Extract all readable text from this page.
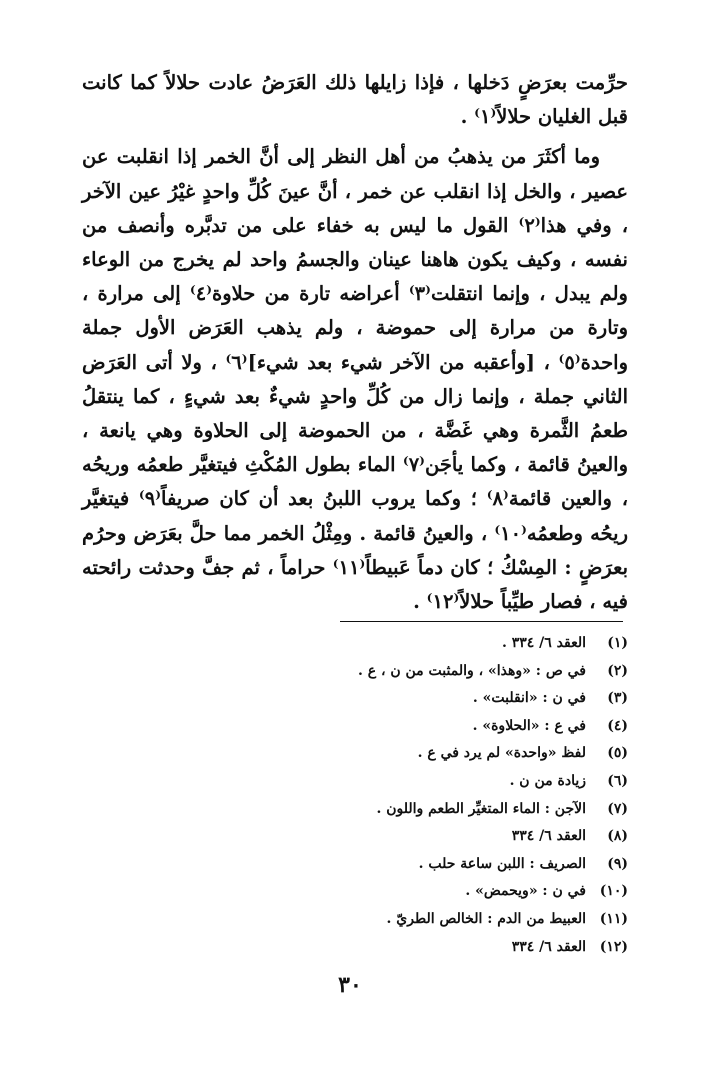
حرِّمت بعرَضٍ دَخلها ، فإذا زايلها ذلك العَرَضُ عادت حلالاً كما كانت قبل الغليان حلالاً⁽١⁾ .

وما أكثَرَ من يذهبُ من أهل النظر إلى أنَّ الخمر إذا انقلبت عن عصير ، والخل إذا انقلب عن خمر ، أنَّ عينَ كُلِّ واحدٍ غيْرُ عين الآخر ، وفي هذا⁽٢⁾ القول ما ليس به خفاء على من تدبَّره وأنصف من نفسه ، وكيف يكون هاهنا عينان والجسمُ واحد لم يخرج من الوعاء ولم يبدل ، وإنما انتقلت⁽٣⁾ أعراضه تارة من حلاوة⁽٤⁾ إلى مرارة ، وتارة من مرارة إلى حموضة ، ولم يذهب العَرَض الأول جملة واحدة⁽٥⁾ ، [وأعقبه من الآخر شيء بعد شيء]⁽٦⁾ ، ولا أتى العَرَض الثاني جملة ، وإنما زال من كُلِّ واحدٍ شيءٌ بعد شيءٍ ، كما ينتقلُ طعمُ الثَّمرة وهي غَضَّة ، من الحموضة إلى الحلاوة وهي يانعة ، والعينُ قائمة ، وكما يأجَن⁽٧⁾ الماء بطول المُكْثِ فيتغيَّر طعمُه وريحُه ، والعين قائمة⁽٨⁾ ؛ وكما يروب اللبنُ بعد أن كان صريفاً⁽٩⁾ فيتغيَّر ريحُه وطعمُه⁽١٠⁾ ، والعينُ قائمة . ومِثْلُ الخمر مما حلَّ بعَرَض وحرُم بعرَضٍ : المِسْكُ ؛ كان دماً عَبيطاً⁽١١⁾ حراماً ، ثم جفَّ وحدثت رائحته فيه ، فصار طيِّباً حلالاً⁽١٢⁾ .

(١)
العقد ٦/ ٣٣٤ .
(٢)
في ص : «وهذا» ، والمثبت من ن ، ع .
(٣)
في ن : «انقلبت» .
(٤)
في ع : «الحلاوة» .
(٥)
لفظ «واحدة» لم يرد في ع .
(٦)
زيادة من ن .
(٧)
الآجن : الماء المتغيِّر الطعم واللون .
(٨)
العقد ٦/ ٣٣٤
(٩)
الصريف : اللبن ساعة حلب .
(١٠)
في ن : «ويحمض» .
(١١)
العبيط من الدم : الخالص الطريّ .
(١٢)
العقد ٦/ ٣٣٤
٣٠
